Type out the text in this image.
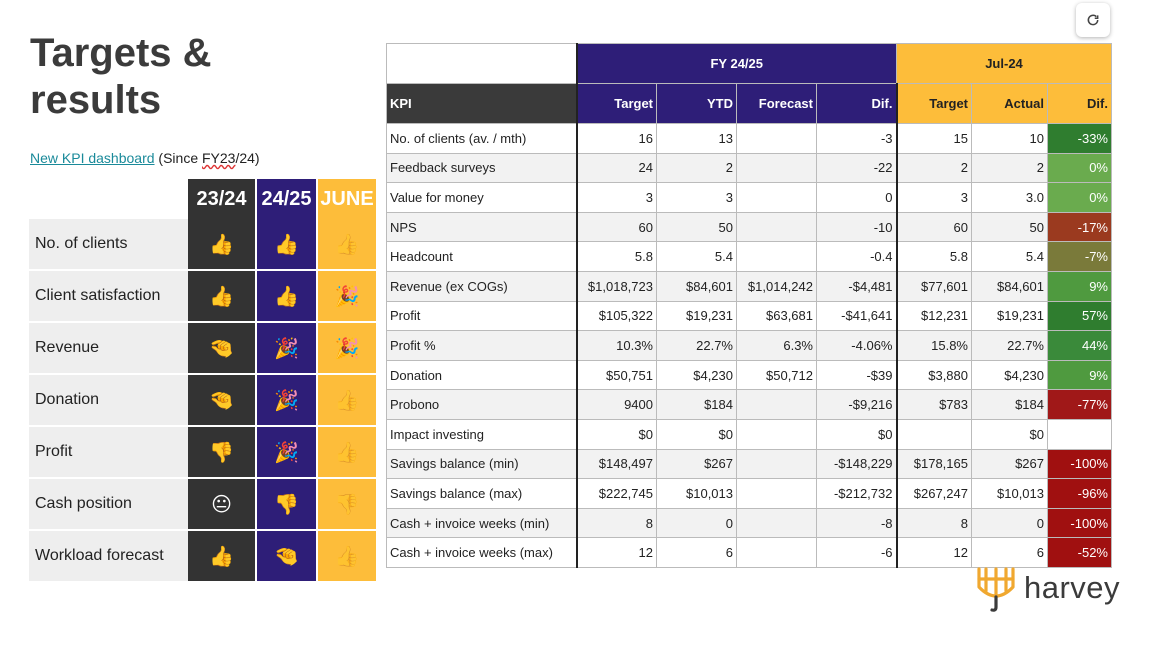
Targets & results
New KPI dashboard (Since FY23/24)
	23/24	24/25	JUNE
No. of clients	👍	👍	👍
Client satisfaction	👍	👍	🎉
Revenue	🤏	🎉	🎉
Donation	🤏	🎉	👍
Profit	👎	🎉	👍
Cash position	😐	👎	👎
Workload forecast	👍	🤏	👍
	FY 24/25				Jul-24		
KPI	Target	YTD	Forecast	Dif.	Target	Actual	Dif.
No. of clients (av. / mth)	16	13		-3	15	10	-33%
Feedback surveys	24	2		-22	2	2	0%
Value for money	3	3		0	3	3.0	0%
NPS	60	50		-10	60	50	-17%
Headcount	5.8	5.4		-0.4	5.8	5.4	-7%
Revenue (ex COGs)	$1,018,723	$84,601	$1,014,242	-$4,481	$77,601	$84,601	9%
Profit	$105,322	$19,231	$63,681	-$41,641	$12,231	$19,231	57%
Profit %	10.3%	22.7%	6.3%	-4.06%	15.8%	22.7%	44%
Donation	$50,751	$4,230	$50,712	-$39	$3,880	$4,230	9%
Probono	9400	$184		-$9,216	$783	$184	-77%
Impact investing	$0	$0		$0		$0	
Savings balance (min)	$148,497	$267		-$148,229	$178,165	$267	-100%
Savings balance (max)	$222,745	$10,013		-$212,732	$267,247	$10,013	-96%
Cash + invoice weeks (min)	8	0		-8	8	0	-100%
Cash + invoice weeks (max)	12	6		-6	12	6	-52%
harvey
